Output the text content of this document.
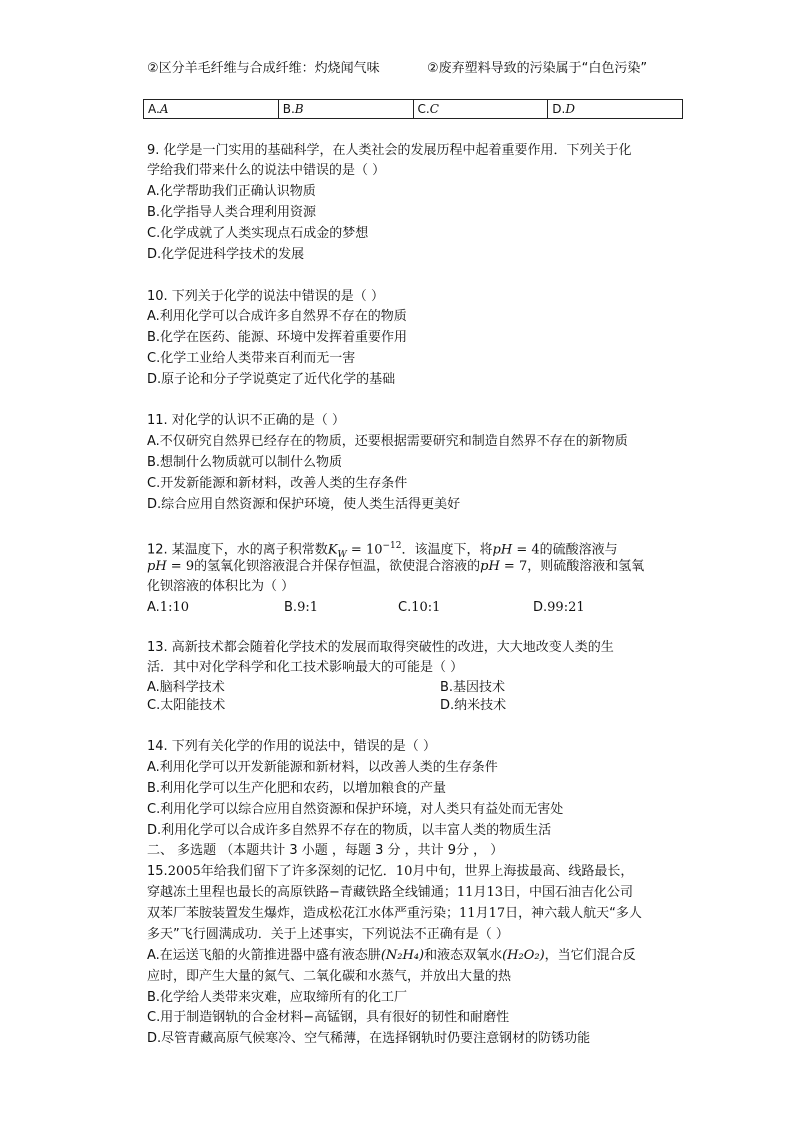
②区分羊毛纤维与合成纤维：灼烧闻气味	②废弃塑料导致的污染属于“白色污染”
A.A	B.B	C.C	D.D
9. 化学是一门实用的基础科学，在人类社会的发展历程中起着重要作用．下列关于化
学给我们带来什么的说法中错误的是（ ）
A.化学帮助我们正确认识物质
B.化学指导人类合理利用资源
C.化学成就了人类实现点石成金的梦想
D.化学促进科学技术的发展
10. 下列关于化学的说法中错误的是（ ）
A.利用化学可以合成许多自然界不存在的物质
B.化学在医药、能源、环境中发挥着重要作用
C.化学工业给人类带来百利而无一害
D.原子论和分子学说奠定了近代化学的基础
11. 对化学的认识不正确的是（ ）
A.不仅研究自然界已经存在的物质，还要根据需要研究和制造自然界不存在的新物质
B.想制什么物质就可以制什么物质
C.开发新能源和新材料，改善人类的生存条件
D.综合应用自然资源和保护环境，使人类生活得更美好
12. 某温度下，水的离子积常数$K_W = 10^{-12}$．该温度下，将pH = 4的硫酸溶液与
pH = 9的氢氧化钡溶液混合并保存恒温，欲使混合溶液的pH = 7，则硫酸溶液和氢氧
化钡溶液的体积比为（ ）
A.1:10	B.9:1	C.10:1	D.99:21
13. 高新技术都会随着化学技术的发展而取得突破性的改进，大大地改变人类的生
活．其中对化学科学和化工技术影响最大的可能是（ ）
A.脑科学技术	B.基因技术
C.太阳能技术	D.纳米技术
14. 下列有关化学的作用的说法中，错误的是（ ）
A.利用化学可以开发新能源和新材料，以改善人类的生存条件
B.利用化学可以生产化肥和农药，以增加粮食的产量
C.利用化学可以综合应用自然资源和保护环境，对人类只有益处而无害处
D.利用化学可以合成许多自然界不存在的物质，以丰富人类的物质生活
二、 多选题 （本题共计 3 小题 ，每题 3 分 ，共计 9分 ， ）
15.2005年给我们留下了许多深刻的记忆．10月中旬，世界上海拔最高、线路最长，
穿越冻土里程也最长的高原铁路−青藏铁路全线铺通；11月13日，中国石油吉化公司
双苯厂苯胺装置发生爆炸，造成松花江水体严重污染；11月17日，神六载人航天“多人
多天”飞行圆满成功．关于上述事实，下列说法不正确有是（ ）
A.在运送飞船的火箭推进器中盛有液态肼(N₂H₄)和液态双氧水(H₂O₂)，当它们混合反
应时，即产生大量的氮气、二氧化碳和水蒸气，并放出大量的热
B.化学给人类带来灾难，应取缔所有的化工厂
C.用于制造钢轨的合金材料−高锰钢，具有很好的韧性和耐磨性
D.尽管青藏高原气候寒冷、空气稀薄，在选择钢轨时仍要注意钢材的防锈功能
